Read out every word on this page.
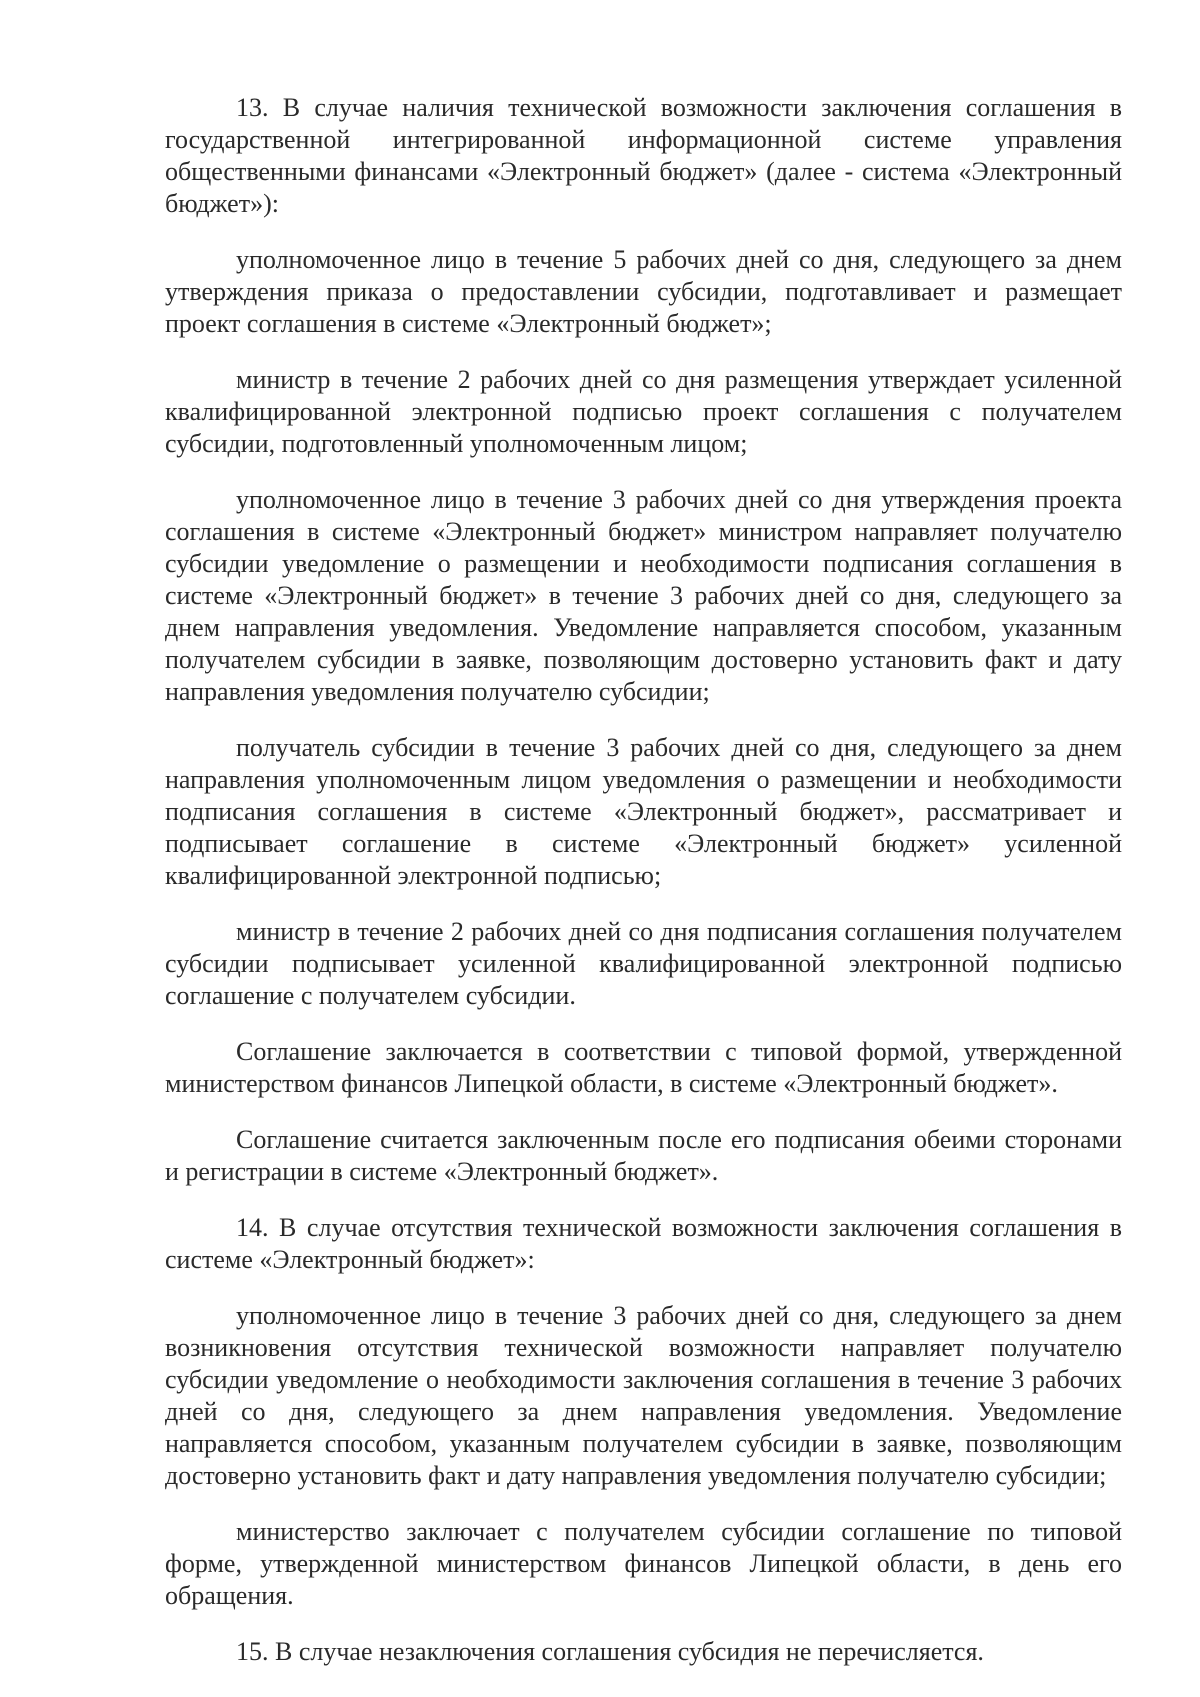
13. В случае наличия технической возможности заключения соглашения в государственной интегрированной информационной системе управления общественными финансами «Электронный бюджет» (далее - система «Электронный бюджет»):

уполномоченное лицо в течение 5 рабочих дней со дня, следующего за днем утверждения приказа о предоставлении субсидии, подготавливает и размещает проект соглашения в системе «Электронный бюджет»;

министр в течение 2 рабочих дней со дня размещения утверждает усиленной квалифицированной электронной подписью проект соглашения с получателем субсидии, подготовленный уполномоченным лицом;

уполномоченное лицо в течение 3 рабочих дней со дня утверждения проекта соглашения в системе «Электронный бюджет» министром направляет получателю субсидии уведомление о размещении и необходимости подписания соглашения в системе «Электронный бюджет» в течение 3 рабочих дней со дня, следующего за днем направления уведомления. Уведомление направляется способом, указанным получателем субсидии в заявке, позволяющим достоверно установить факт и дату направления уведомления получателю субсидии;

получатель субсидии в течение 3 рабочих дней со дня, следующего за днем направления уполномоченным лицом уведомления о размещении и необходимости подписания соглашения в системе «Электронный бюджет», рассматривает и подписывает соглашение в системе «Электронный бюджет» усиленной квалифицированной электронной подписью;

министр в течение 2 рабочих дней со дня подписания соглашения получателем субсидии подписывает усиленной квалифицированной электронной подписью соглашение с получателем субсидии.

Соглашение заключается в соответствии с типовой формой, утвержденной министерством финансов Липецкой области, в системе «Электронный бюджет».

Соглашение считается заключенным после его подписания обеими сторонами и регистрации в системе «Электронный бюджет».

14. В случае отсутствия технической возможности заключения соглашения в системе «Электронный бюджет»:

уполномоченное лицо в течение 3 рабочих дней со дня, следующего за днем возникновения отсутствия технической возможности направляет получателю субсидии уведомление о необходимости заключения соглашения в течение 3 рабочих дней со дня, следующего за днем направления уведомления. Уведомление направляется способом, указанным получателем субсидии в заявке, позволяющим достоверно установить факт и дату направления уведомления получателю субсидии;

министерство заключает с получателем субсидии соглашение по типовой форме, утвержденной министерством финансов Липецкой области, в день его обращения.

15. В случае незаключения соглашения субсидия не перечисляется.
